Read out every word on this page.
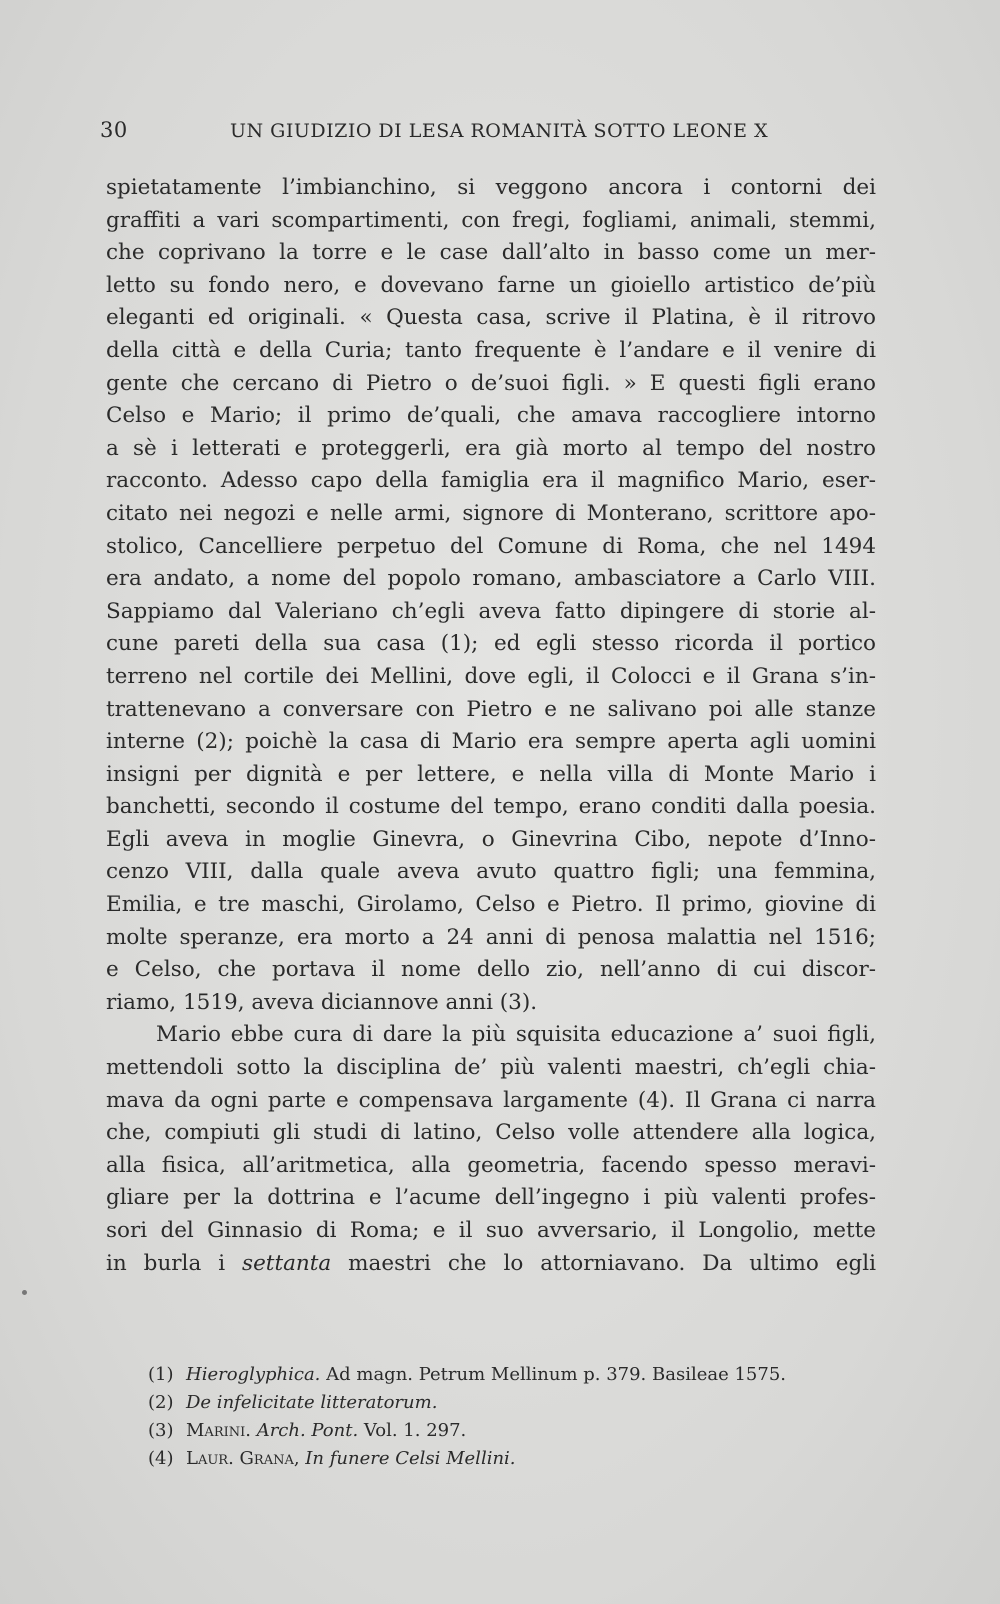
30	UN GIUDIZIO DI LESA ROMANITÀ SOTTO LEONE X
spietatamente l’imbianchino, si veggono ancora i contorni dei
graffiti a vari scompartimenti, con fregi, fogliami, animali, stemmi,
che coprivano la torre e le case dall’alto in basso come un mer-
letto su fondo nero, e dovevano farne un gioiello artistico de’più
eleganti ed originali. « Questa casa, scrive il Platina, è il ritrovo
della città e della Curia; tanto frequente è l’andare e il venire di
gente che cercano di Pietro o de’suoi figli. » E questi figli erano
Celso e Mario; il primo de’quali, che amava raccogliere intorno
a sè i letterati e proteggerli, era già morto al tempo del nostro
racconto. Adesso capo della famiglia era il magnifico Mario, eser-
citato nei negozi e nelle armi, signore di Monterano, scrittore apo-
stolico, Cancelliere perpetuo del Comune di Roma, che nel 1494
era andato, a nome del popolo romano, ambasciatore a Carlo VIII.
Sappiamo dal Valeriano ch’egli aveva fatto dipingere di storie al-
cune pareti della sua casa (1); ed egli stesso ricorda il portico
terreno nel cortile dei Mellini, dove egli, il Colocci e il Grana s’in-
trattenevano a conversare con Pietro e ne salivano poi alle stanze
interne (2); poichè la casa di Mario era sempre aperta agli uomini
insigni per dignità e per lettere, e nella villa di Monte Mario i
banchetti, secondo il costume del tempo, erano conditi dalla poesia.
Egli aveva in moglie Ginevra, o Ginevrina Cibo, nepote d’Inno-
cenzo VIII, dalla quale aveva avuto quattro figli; una femmina,
Emilia, e tre maschi, Girolamo, Celso e Pietro. Il primo, giovine di
molte speranze, era morto a 24 anni di penosa malattia nel 1516;
e Celso, che portava il nome dello zio, nell’anno di cui discor-
riamo, 1519, aveva diciannove anni (3).
Mario ebbe cura di dare la più squisita educazione a’ suoi figli,
mettendoli sotto la disciplina de’ più valenti maestri, ch’egli chia-
mava da ogni parte e compensava largamente (4). Il Grana ci narra
che, compiuti gli studi di latino, Celso volle attendere alla logica,
alla fisica, all’aritmetica, alla geometria, facendo spesso meravi-
gliare per la dottrina e l’acume dell’ingegno i più valenti profes-
sori del Ginnasio di Roma; e il suo avversario, il Longolio, mette
in burla i settanta maestri che lo attorniavano. Da ultimo egli
(1) Hieroglyphica. Ad magn. Petrum Mellinum p. 379. Basileae 1575.
(2) De infelicitate litteratorum.
(3) Marini. Arch. Pont. Vol. 1. 297.
(4) Laur. Grana, In funere Celsi Mellini.
